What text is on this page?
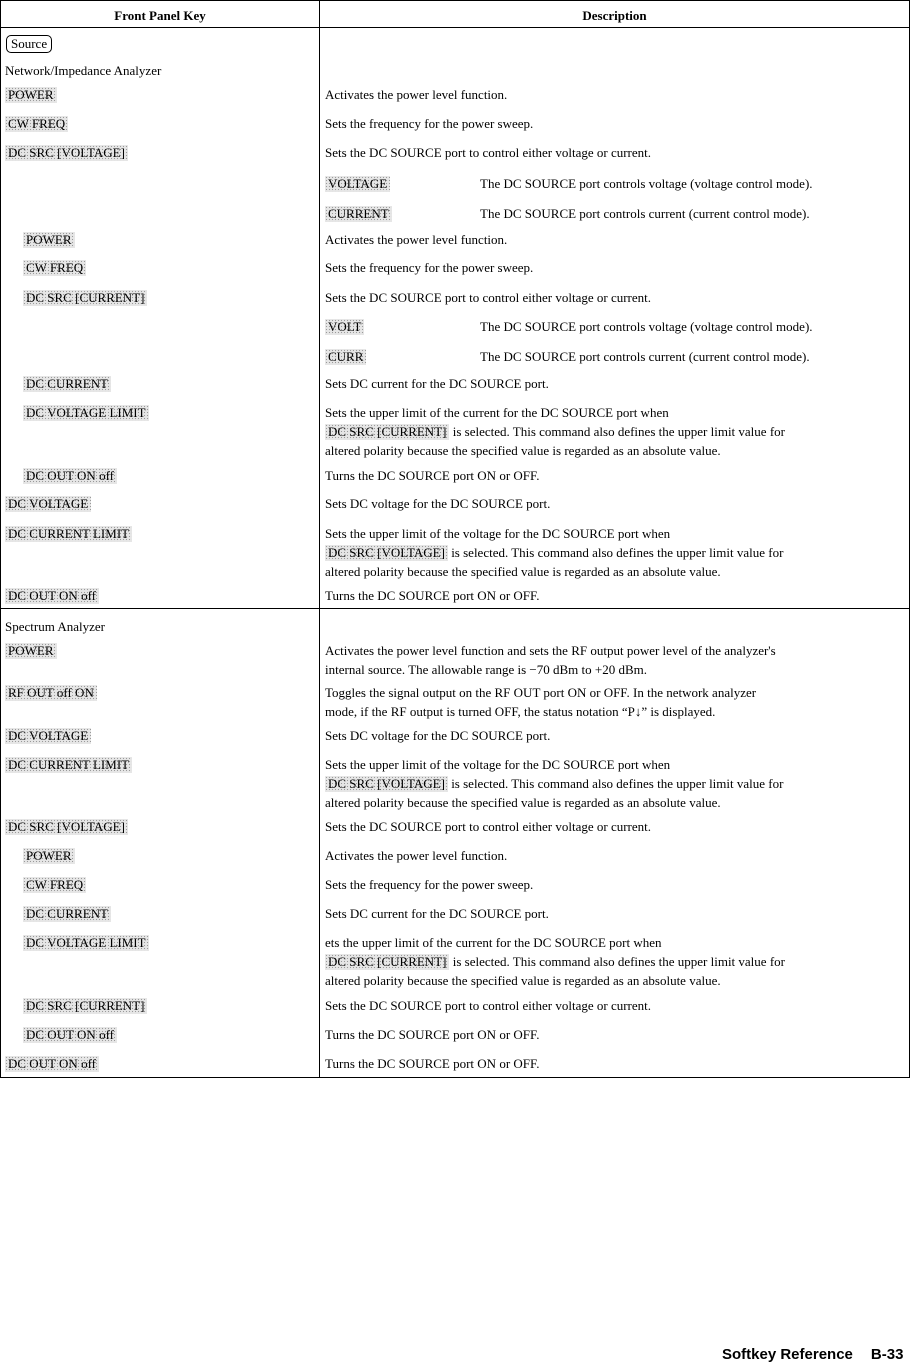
Front Panel Key	Description
Source
Network/Impedance Analyzer
POWER	Activates the power level function.
CW FREQ	Sets the frequency for the power sweep.
DC SRC [VOLTAGE]	Sets the DC SOURCE port to control either voltage or current.
VOLTAGE	The DC SOURCE port controls voltage (voltage control mode).
CURRENT	The DC SOURCE port controls current (current control mode).
POWER	Activates the power level function.
CW FREQ	Sets the frequency for the power sweep.
DC SRC [CURRENT]	Sets the DC SOURCE port to control either voltage or current.
VOLT	The DC SOURCE port controls voltage (voltage control mode).
CURR	The DC SOURCE port controls current (current control mode).
DC CURRENT	Sets DC current for the DC SOURCE port.
DC VOLTAGE LIMIT	Sets the upper limit of the current for the DC SOURCE port when
DC SRC [CURRENT] is selected. This command also defines the upper limit value for
altered polarity because the specified value is regarded as an absolute value.
DC OUT ON off	Turns the DC SOURCE port ON or OFF.
DC VOLTAGE	Sets DC voltage for the DC SOURCE port.
DC CURRENT LIMIT	Sets the upper limit of the voltage for the DC SOURCE port when
DC SRC [VOLTAGE] is selected. This command also defines the upper limit value for
altered polarity because the specified value is regarded as an absolute value.
DC OUT ON off	Turns the DC SOURCE port ON or OFF.
Spectrum Analyzer
POWER	Activates the power level function and sets the RF output power level of the analyzer's
internal source. The allowable range is −70 dBm to +20 dBm.
RF OUT off ON	Toggles the signal output on the RF OUT port ON or OFF. In the network analyzer
mode, if the RF output is turned OFF, the status notation “P↓” is displayed.
DC VOLTAGE	Sets DC voltage for the DC SOURCE port.
DC CURRENT LIMIT	Sets the upper limit of the voltage for the DC SOURCE port when
DC SRC [VOLTAGE] is selected. This command also defines the upper limit value for
altered polarity because the specified value is regarded as an absolute value.
DC SRC [VOLTAGE]	Sets the DC SOURCE port to control either voltage or current.
POWER	Activates the power level function.
CW FREQ	Sets the frequency for the power sweep.
DC CURRENT	Sets DC current for the DC SOURCE port.
DC VOLTAGE LIMIT	ets the upper limit of the current for the DC SOURCE port when
DC SRC [CURRENT] is selected. This command also defines the upper limit value for
altered polarity because the specified value is regarded as an absolute value.
DC SRC [CURRENT]	Sets the DC SOURCE port to control either voltage or current.
DC OUT ON off	Turns the DC SOURCE port ON or OFF.
DC OUT ON off	Turns the DC SOURCE port ON or OFF.
Softkey Reference B-33
